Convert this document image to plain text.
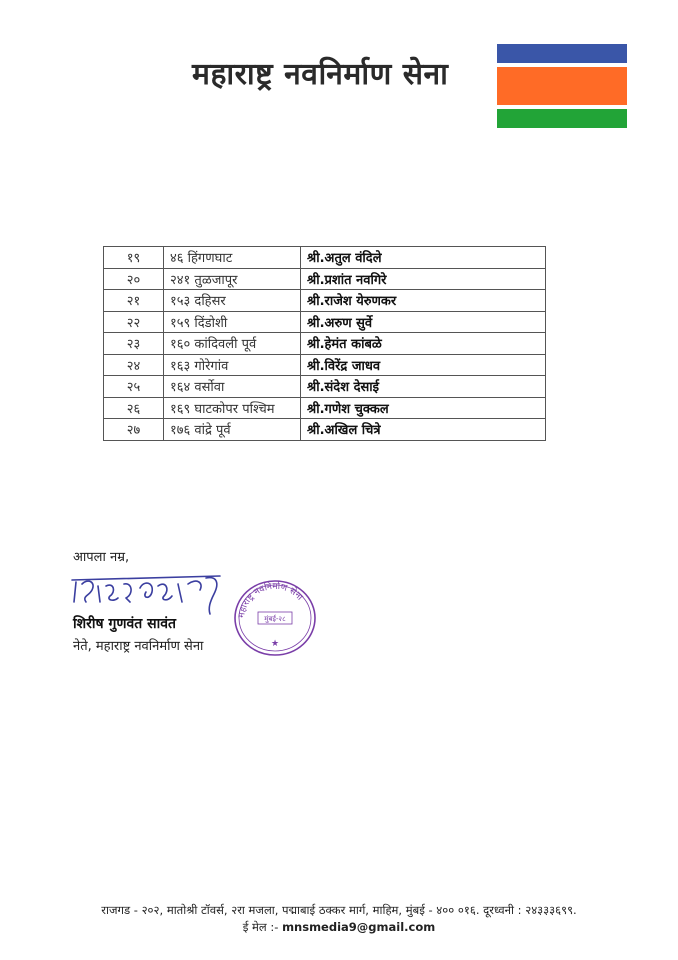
महाराष्ट्र नवनिर्माण सेना
१९	४६ हिंगणघाट	श्री.अतुल वंदिले
२०	२४१ तुळजापूर	श्री.प्रशांत नवगिरे
२१	१५३ दहिसर	श्री.राजेश येरुणकर
२२	१५९ दिंडोशी	श्री.अरुण सुर्वे
२३	१६० कांदिवली पूर्व	श्री.हेमंत कांबळे
२४	१६३ गोरेगांव	श्री.विरेंद्र जाधव
२५	१६४ वर्सोवा	श्री.संदेश देसाई
२६	१६९ घाटकोपर पश्चिम	श्री.गणेश चुक्कल
२७	१७६ वांद्रे पूर्व	श्री.अखिल चित्रे
आपला नम्र,
शिरीष गुणवंत सावंत
नेते, महाराष्ट्र नवनिर्माण सेना
महाराष्ट्र नवनिर्माण सेना
मुंबई-२८
★
राजगड - २०२, मातोश्री टॉवर्स, २रा मजला, पद्माबाई ठक्कर मार्ग, माहिम, मुंबई - ४०० ०१६. दूरध्वनी : २४३३३६९९.
ई मेल :- mnsmedia9@gmail.com
